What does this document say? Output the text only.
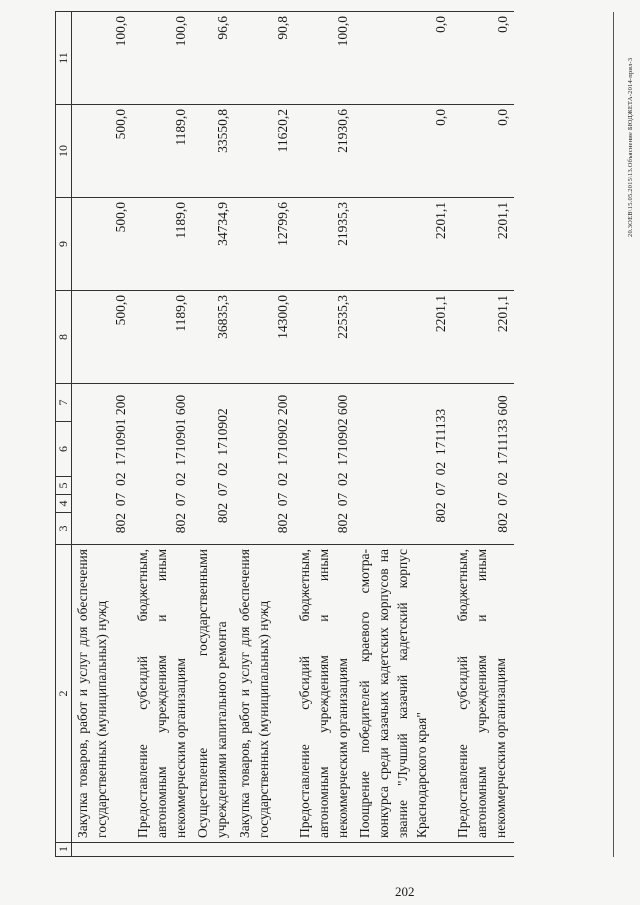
1	2	3	4	5	6	7	8	9	10	11
	Закупка товаров, работ и услуг для обеспечения государственных (муниципальных) нужд	802  07  02  1710901 200					500,0	500,0	500,0	100,0
	Предоставление субсидий бюджетным, автономным учреждениям и иным некоммерческим организациям	802  07  02  1710901 600					1189,0	1189,0	1189,0	100,0
	Осуществление государственными учреждениями капитального ремонта	802  07  02  1710902					36835,3	34734,9	33550,8	96,6
	Закупка товаров, работ и услуг для обеспечения государственных (муниципальных) нужд	802  07  02  1710902 200					14300,0	12799,6	11620,2	90,8
	Предоставление субсидий бюджетным, автономным учреждениям и иным некоммерческим организациям	802  07  02  1710902 600					22535,3	21935,3	21930,6	100,0
	Поощрение победителей краевого смотра-конкурса среди казачьих кадетских корпусов на звание "Лучший казачий кадетский корпус Краснодарского края"	802  07  02  1711133					2201,1	2201,1	0,0	0,0
	Предоставление субсидий бюджетным, автономным учреждениям и иным некоммерческим организациям	802  07  02  1711133 600					2201,1	2201,1	0,0	0,0
20.3ОЕВ\15.05.2015\13.Объяснение БЮДЖЕТА-2014-прил-3
202
